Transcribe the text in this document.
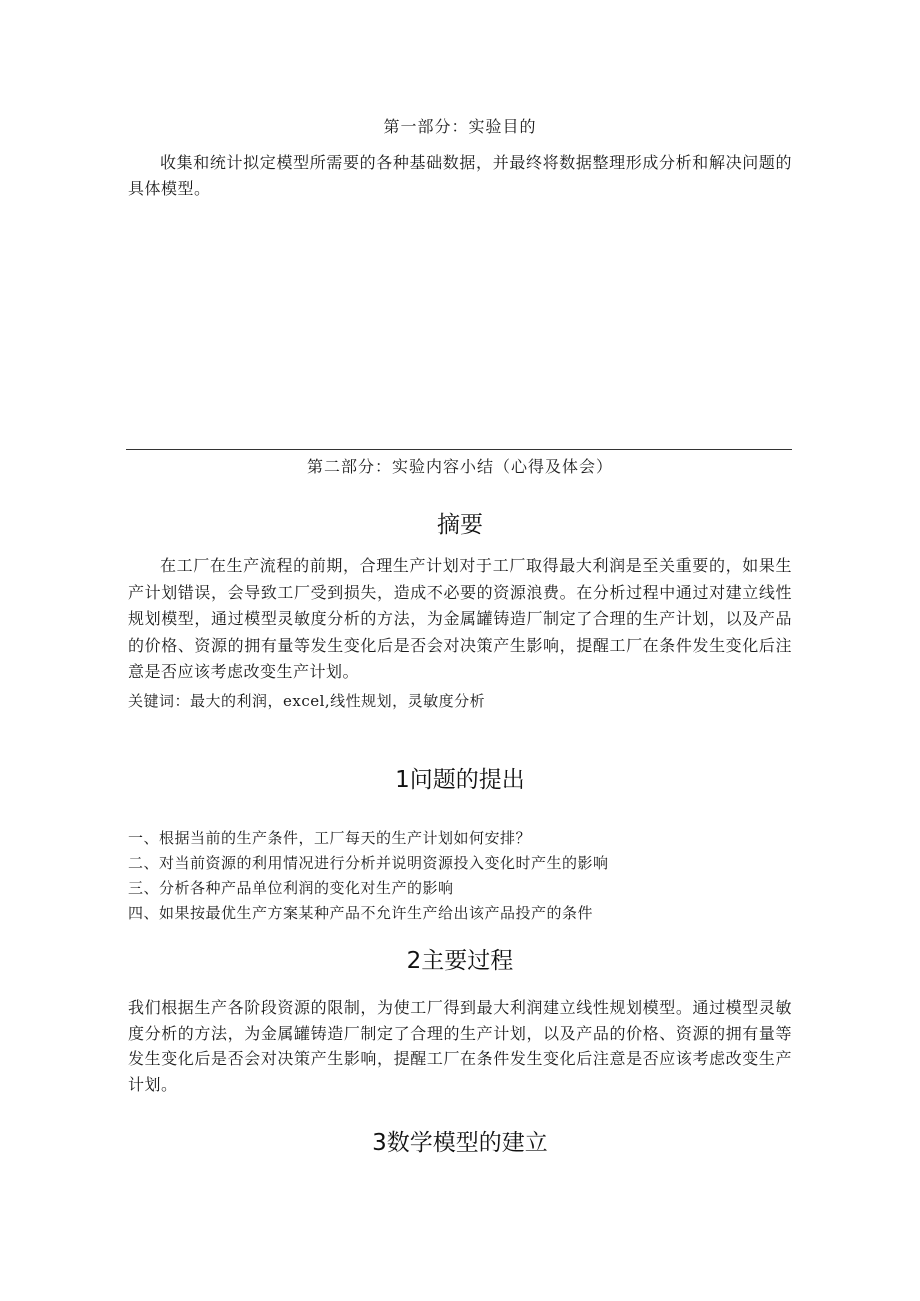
第一部分：实验目的

收集和统计拟定模型所需要的各种基础数据，并最终将数据整理形成分析和解决问题的具体模型。

第二部分：实验内容小结（心得及体会）
摘要

在工厂在生产流程的前期，合理生产计划对于工厂取得最大利润是至关重要的，如果生产计划错误，会导致工厂受到损失，造成不必要的资源浪费。在分析过程中通过对建立线性规划模型，通过模型灵敏度分析的方法，为金属罐铸造厂制定了合理的生产计划，以及产品的价格、资源的拥有量等发生变化后是否会对决策产生影响，提醒工厂在条件发生变化后注意是否应该考虑改变生产计划。

关键词：最大的利润，excel,线性规划，灵敏度分析

1问题的提出
一、根据当前的生产条件，工厂每天的生产计划如何安排？
二、对当前资源的利用情况进行分析并说明资源投入变化时产生的影响
三、分析各种产品单位利润的变化对生产的影响
四、如果按最优生产方案某种产品不允许生产给出该产品投产的条件
2主要过程

我们根据生产各阶段资源的限制，为使工厂得到最大利润建立线性规划模型。通过模型灵敏度分析的方法，为金属罐铸造厂制定了合理的生产计划，以及产品的价格、资源的拥有量等发生变化后是否会对决策产生影响，提醒工厂在条件发生变化后注意是否应该考虑改变生产计划。

3数学模型的建立
